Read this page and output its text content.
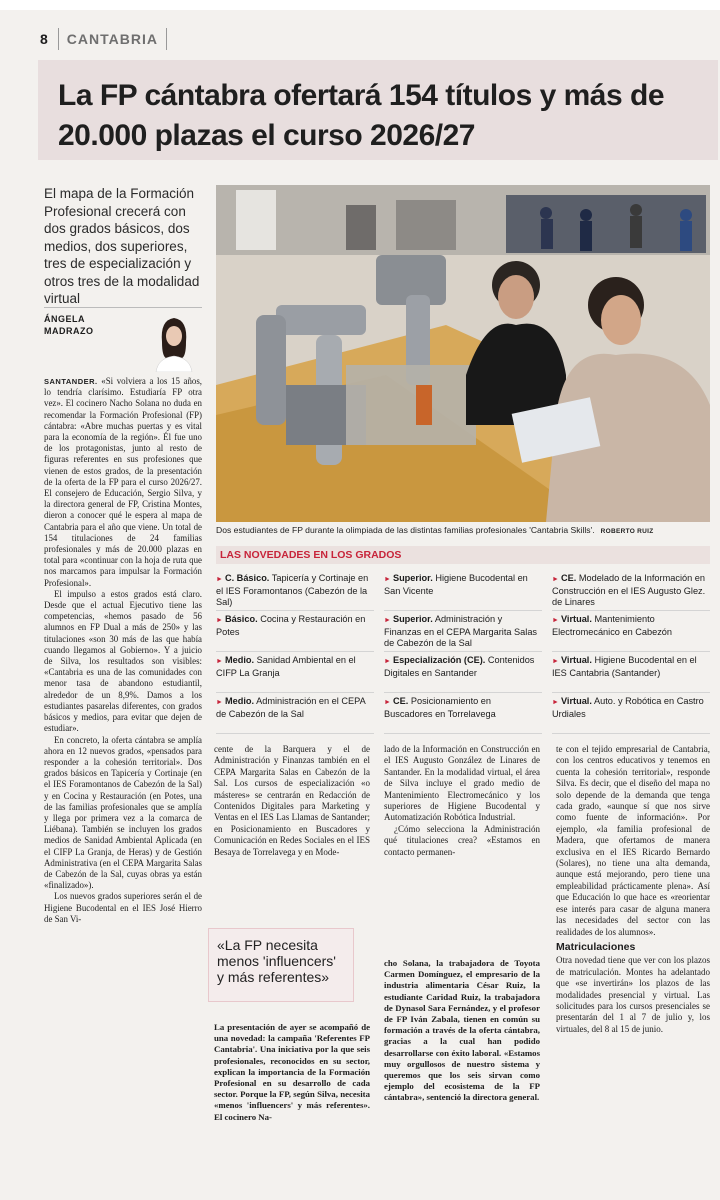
8 CANTABRIA
La FP cántabra ofertará 154 títulos y más de 20.000 plazas el curso 2026/27
El mapa de la Formación Profesional crecerá con dos grados básicos, dos medios, dos superiores, tres de especialización y otros tres de la modalidad virtual
ÁNGELA
MADRAZO
Dos estudiantes de FP durante la olimpiada de las distintas familias profesionales 'Cantabria Skills'. ROBERTO RUIZ
LAS NOVEDADES EN LOS GRADOS
► C. Básico. Tapicería y Cortinaje en el IES Foramontanos (Cabezón de la Sal)
► Superior. Higiene Bucodental en San Vicente
► CE. Modelado de la Información en Construcción en el IES Augusto Glez. de Linares
► Básico. Cocina y Restauración en Potes
► Superior. Administración y Finanzas en el CEPA Margarita Salas de Cabezón de la Sal
► Virtual. Mantenimiento Electromecánico en Cabezón
► Medio. Sanidad Ambiental en el CIFP La Granja
► Especialización (CE). Contenidos Digitales en Santander
► Virtual. Higiene Bucodental en el IES Cantabria (Santander)
► Medio. Administración en el CEPA de Cabezón de la Sal
► CE. Posicionamiento en Buscadores en Torrelavega
► Virtual. Auto. y Robótica en Castro Urdiales

SANTANDER. «Si volviera a los 15 años, lo tendría clarísimo. Estudiaría FP otra vez». El cocinero Nacho Solana no duda en recomendar la Formación Profesional (FP) cántabra: «Abre muchas puertas y es vital para la economía de la región». Él fue uno de los protagonistas, junto al resto de figuras referentes en sus profesiones que vienen de estos grados, de la presentación de la oferta de la FP para el curso 2026/27. El consejero de Educación, Sergio Silva, y la directora general de FP, Cristina Montes, dieron a conocer qué le espera al mapa de Cantabria para el año que viene. Un total de 154 titulaciones de 24 familias profesionales y más de 20.000 plazas en total para «continuar con la hoja de ruta que nos marcamos para impulsar la Formación Profesional».

El impulso a estos grados está claro. Desde que el actual Ejecutivo tiene las competencias, «hemos pasado de 56 alumnos en FP Dual a más de 250» y las titulaciones «son 30 más de las que había cuando llegamos al Gobierno». Y a juicio de Silva, los resultados son visibles: «Cantabria es una de las comunidades con menor tasa de abandono estudiantil, alrededor de un 8,9%. Damos a los estudiantes pasarelas diferentes, con grados básicos y medios, para evitar que dejen de estudiar».

En concreto, la oferta cántabra se amplía ahora en 12 nuevos grados, «pensados para responder a la cohesión territorial». Dos grados básicos en Tapicería y Cortinaje (en el IES Foramontanos de Cabezón de la Sal) y en Cocina y Restauración (en Potes, una de las familias profesionales que se amplía y llega por primera vez a la comarca de Liébana). También se incluyen los grados medios de Sanidad Ambiental Aplicada (en el CIFP La Granja, de Heras) y de Gestión Administrativa (en el CEPA Margarita Salas de Cabezón de la Sal, cuyas obras ya están «finalizado»).

Los nuevos grados superiores serán el de Higiene Bucodental en el IES José Hierro de San Vi-

cente de la Barquera y el de Administración y Finanzas también en el CEPA Margarita Salas en Cabezón de la Sal. Los cursos de especialización «o másteres» se centrarán en Redacción de Contenidos Digitales para Marketing y Ventas en el IES Las Llamas de Santander; en Posicionamiento en Buscadores y Comunicación en Redes Sociales en el IES Besaya de Torrelavega y en Mode-

lado de la Información en Construcción en el IES Augusto González de Linares de Santander. En la modalidad virtual, el área de Silva incluye el grado medio de Mantenimiento Electromecánico y los superiores de Higiene Bucodental y Automatización Robótica Industrial.

¿Cómo selecciona la Administración qué titulaciones crea? «Estamos en contacto permanen-

te con el tejido empresarial de Cantabria, con los centros educativos y tenemos en cuenta la cohesión territorial», responde Silva. Es decir, que el diseño del mapa no solo depende de la demanda que tenga cada grado, «aunque sí que nos sirve como fuente de información». Por ejemplo, «la familia profesional de Madera, que ofertamos de manera exclusiva en el IES Ricardo Bernardo (Solares), no tiene una alta demanda, aunque está mejorando, pero tiene una empleabilidad prácticamente plena». Así que Educación lo que hace es «reorientar ese interés para casar de alguna manera las necesidades del sector con las realidades de los alumnos».

Matriculaciones

Otra novedad tiene que ver con los plazos de matriculación. Montes ha adelantado que «se invertirán» los plazos de las modalidades presencial y virtual. Las solicitudes para los cursos presenciales se presentarán del 1 al 7 de julio y, los virtuales, del 8 al 15 de junio.

«La FP necesita menos 'influencers' y más referentes»
La presentación de ayer se acompañó de una novedad: la campaña 'Referentes FP Cantabria'. Una iniciativa por la que seis profesionales, reconocidos en su sector, explican la importancia de la Formación Profesional en su desarrollo de cada sector. Porque la FP, según Silva, necesita «menos 'influencers' y más referentes». El cocinero Na-
cho Solana, la trabajadora de Toyota Carmen Domínguez, el empresario de la industria alimentaria César Ruiz, la estudiante Caridad Ruiz, la trabajadora de Dynasol Sara Fernández, y el profesor de FP Iván Zabala, tienen en común su formación a través de la oferta cántabra, gracias a la cual han podido desarrollarse con éxito laboral. «Estamos muy orgullosos de nuestro sistema y queremos que los seis sirvan como ejemplo del ecosistema de la FP cántabra», sentenció la directora general.
